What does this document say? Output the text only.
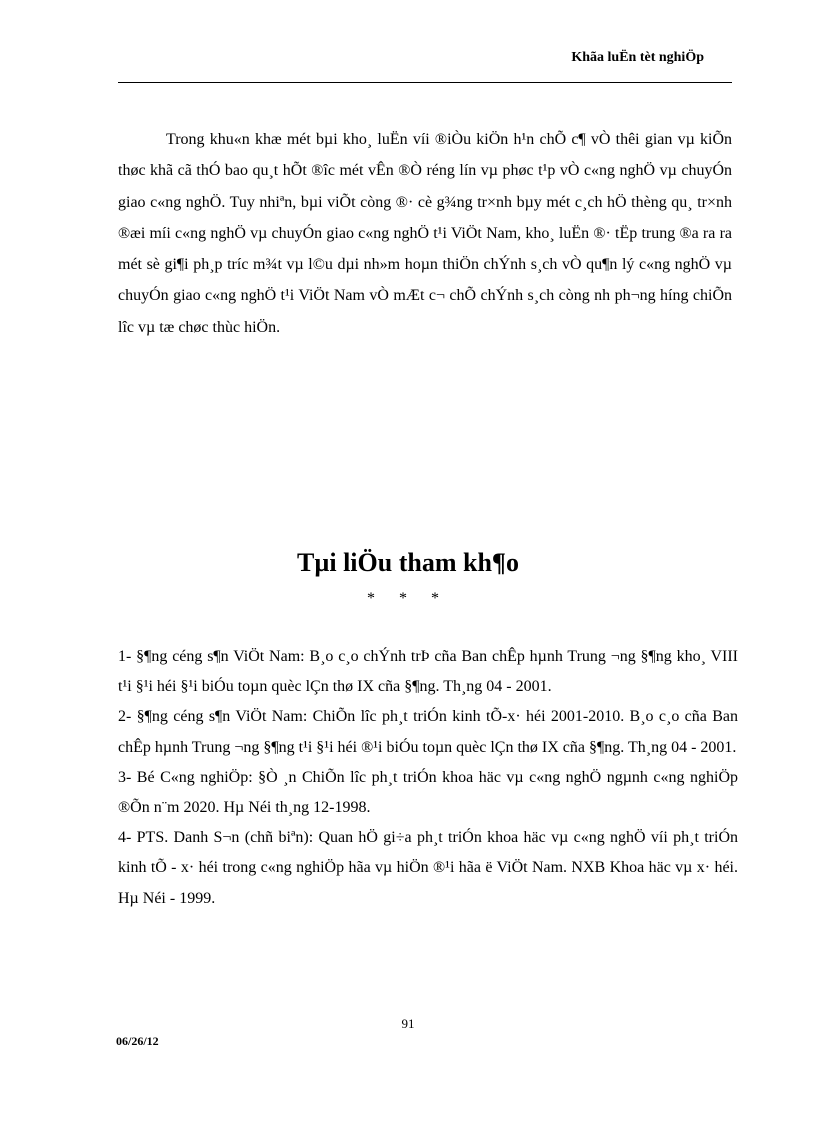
Khãa luËn tèt nghiÖp

Trong khu«n khæ mét bµi kho¸ luËn víi ®iÒu kiÖn h¹n chÕ c¶ vÒ thêi gian vµ kiÕn thøc khã cã thÓ bao qu¸t hÕt ®îc mét vÊn ®Ò réng lín vµ phøc t¹p vÒ c«ng nghÖ vµ chuyÓn giao c«ng nghÖ. Tuy nhiªn, bµi viÕt còng ®· cè g¾ng tr×nh bµy mét c¸ch hÖ thèng qu¸ tr×nh ®æi míi c«ng nghÖ vµ chuyÓn giao c«ng nghÖ t¹i ViÖt Nam, kho¸ luËn ®· tËp trung ®a ra ra mét sè gi¶i ph¸p tríc m¾t vµ l©u dµi nh»m hoµn thiÖn chÝnh s¸ch vÒ qu¶n lý c«ng nghÖ vµ chuyÓn giao c«ng nghÖ t¹i ViÖt Nam vÒ mÆt c¬ chÕ chÝnh s¸ch còng nh ph¬ng híng chiÕn lîc vµ tæ chøc thùc hiÖn.

Tµi liÖu tham kh¶o
* * *

1- §¶ng céng s¶n ViÖt Nam: B¸o c¸o chÝnh trÞ cña Ban chÊp hµnh Trung ¬ng §¶ng kho¸ VIII t¹i §¹i héi §¹i biÓu toµn quèc lÇn thø IX cña §¶ng. Th¸ng 04 - 2001.

2- §¶ng céng s¶n ViÖt Nam: ChiÕn lîc ph¸t triÓn kinh tÕ-x· héi 2001-2010. B¸o c¸o cña Ban chÊp hµnh Trung ¬ng §¶ng t¹i §¹i héi ®¹i biÓu toµn quèc lÇn thø IX cña §¶ng. Th¸ng 04 - 2001.

3- Bé C«ng nghiÖp: §Ò ¸n ChiÕn lîc ph¸t triÓn khoa häc vµ c«ng nghÖ ngµnh c«ng nghiÖp ®Õn n¨m 2020. Hµ Néi th¸ng 12-1998.

4- PTS. Danh S¬n (chñ biªn): Quan hÖ gi÷a ph¸t triÓn khoa häc vµ c«ng nghÖ víi ph¸t triÓn kinh tÕ - x· héi trong c«ng nghiÖp hãa vµ hiÖn ®¹i hãa ë ViÖt Nam. NXB Khoa häc vµ x· héi. Hµ Néi - 1999.

91
06/26/12
